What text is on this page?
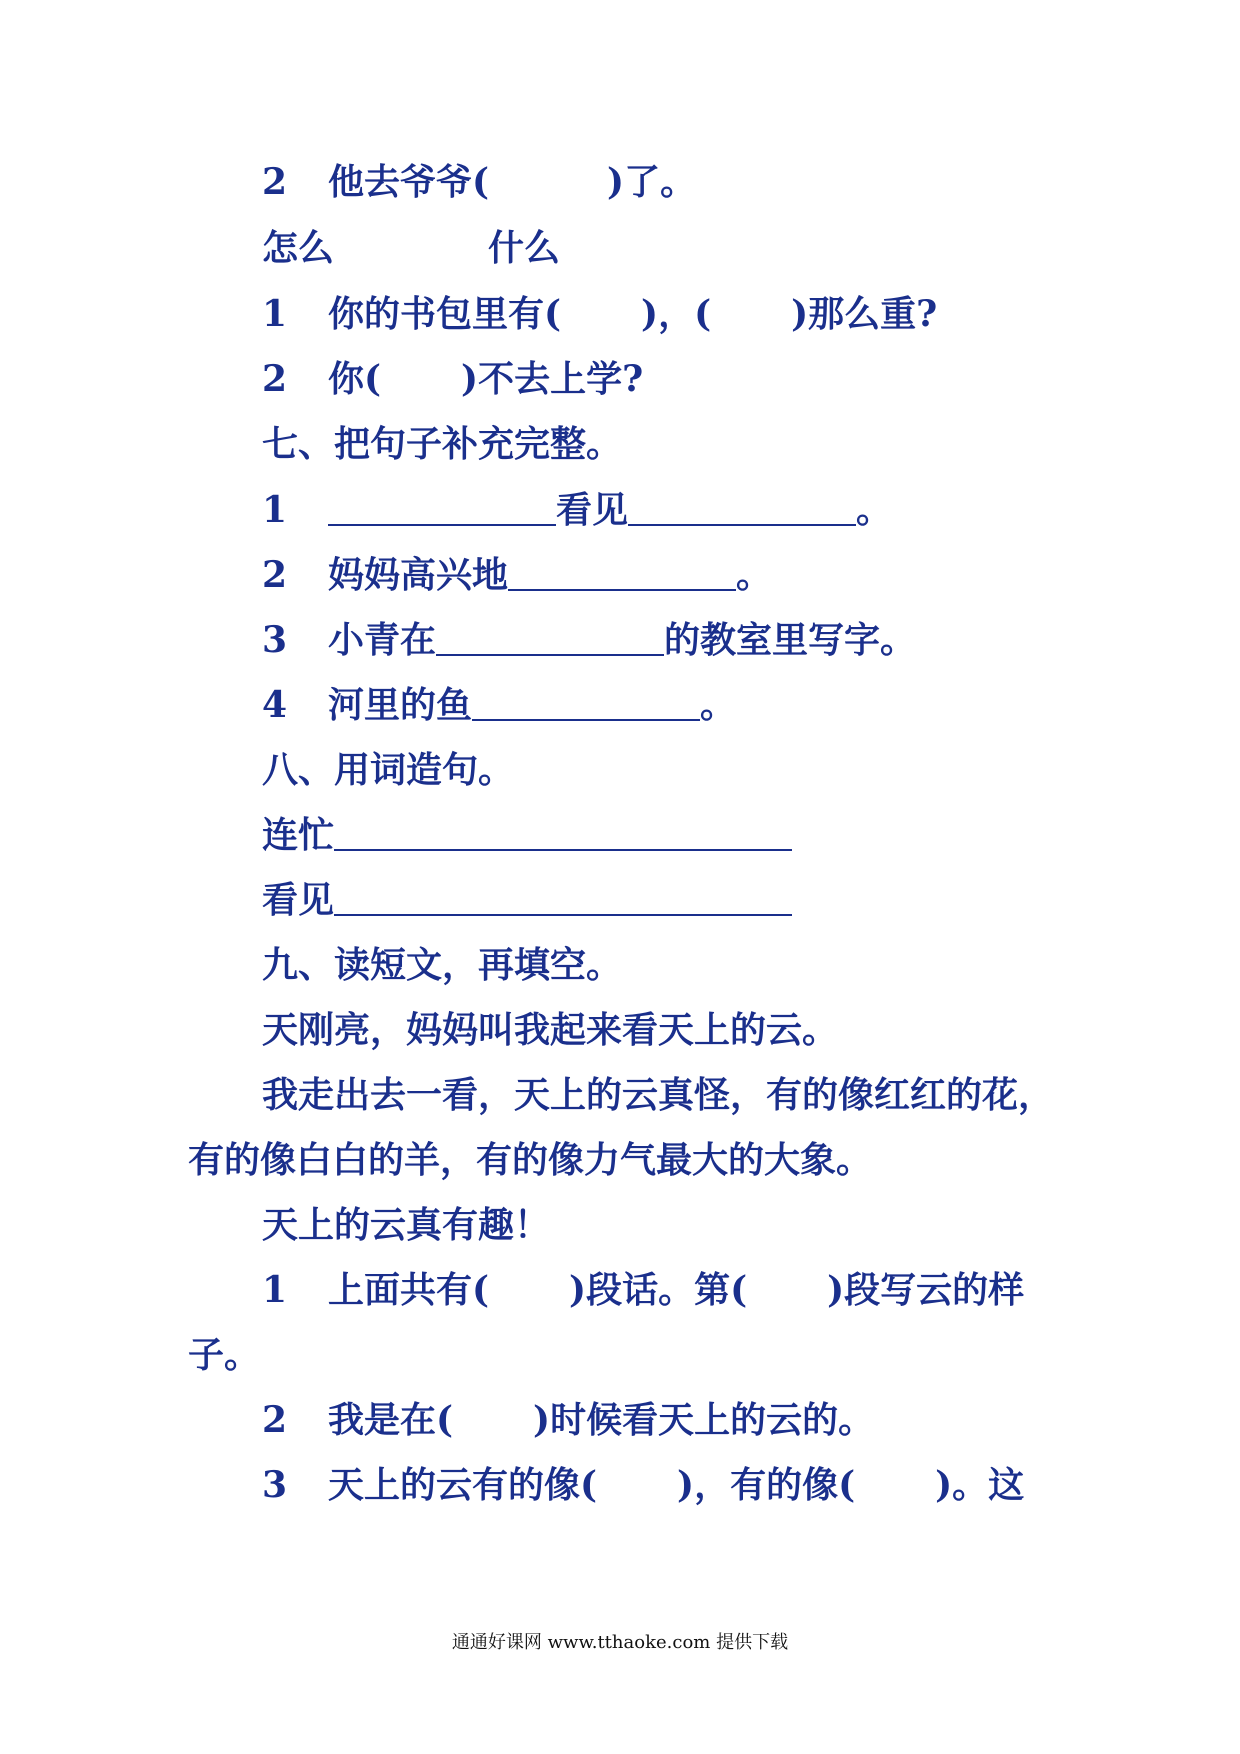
2 他去爷爷(	)了。
怎么	什么
1 你的书包里有( )，( )那么重?
2 你( )不去上学?
七、把句子补充完整。
1	看见	。
2 妈妈高兴地	。
3 小青在	的教室里写字。
4 河里的鱼	。
八、用词造句。
连忙
看见
九、读短文，再填空。
天刚亮，妈妈叫我起来看天上的云。
我走出去一看，天上的云真怪，有的像红红的花，
有的像白白的羊，有的像力气最大的大象。
天上的云真有趣！
1 上面共有( )段话。第( )段写云的样
子。
2 我是在( )时候看天上的云的。
3 天上的云有的像( )，有的像( )。这
通通好课网 www.tthaoke.com 提供下载
